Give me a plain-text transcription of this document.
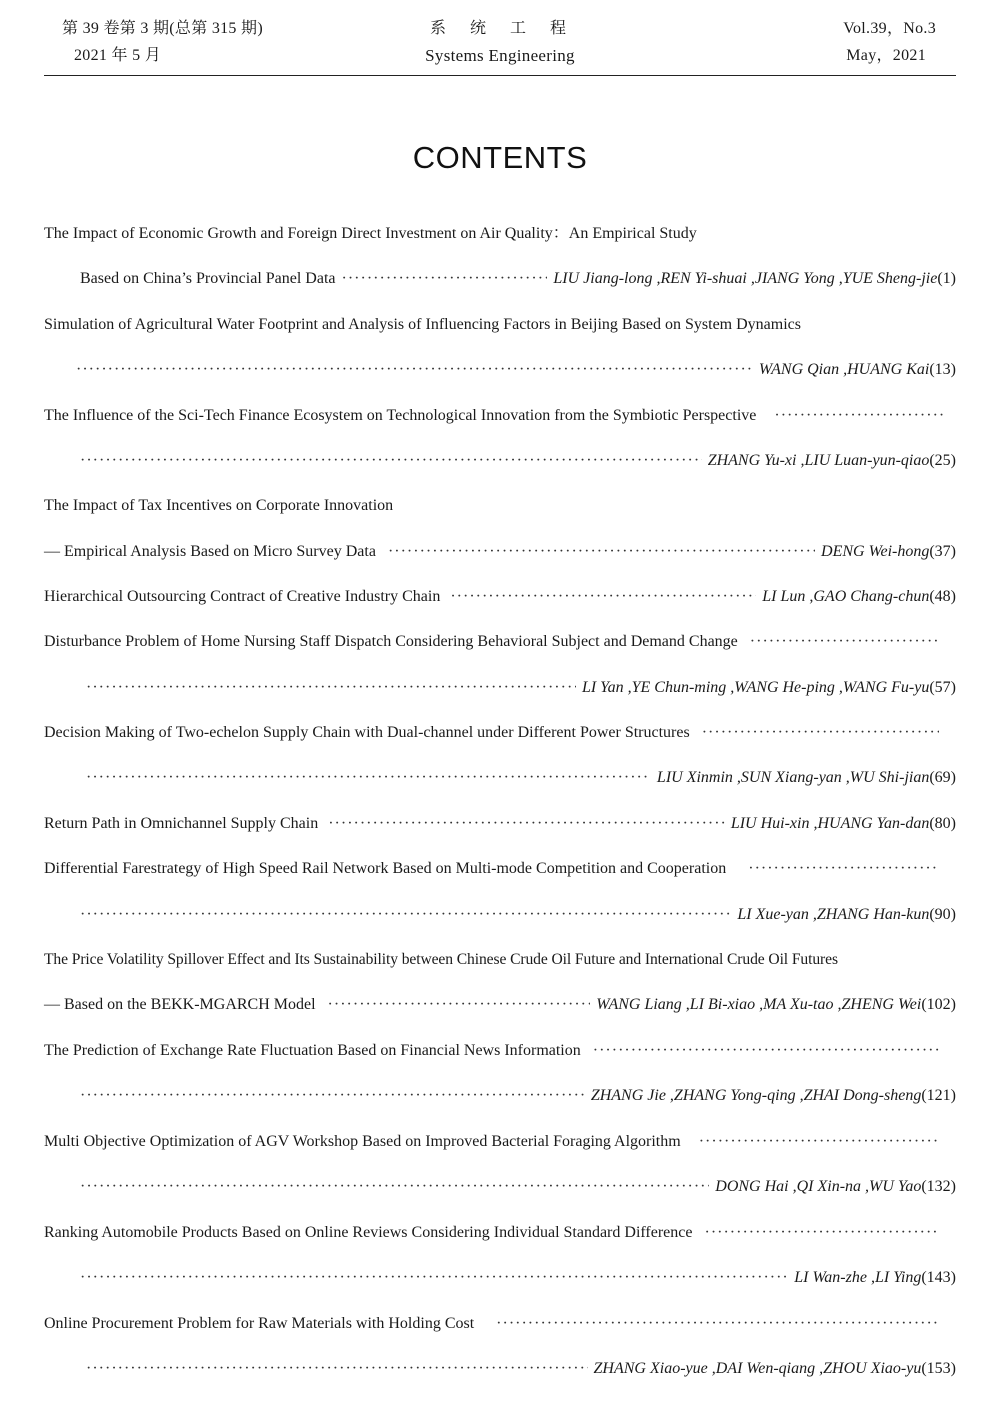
第 39 卷第 3 期(总第 315 期)
2021 年 5 月
系　统　工　程
Systems Engineering
Vol.39，No.3
May，2021
CONTENTS
The Impact of Economic Growth and Foreign Direct Investment on Air Quality：An Empirical Study
Based on China’s Provincial Panel Data ·····	LIU Jiang-long ,REN Yi-shuai ,JIANG Yong ,YUE Sheng-jie (1)
Simulation of Agricultural Water Footprint and Analysis of Influencing Factors in Beijing Based on System Dynamics
·····
WANG Qian ,HUANG Kai (13)
The Influence of the Sci-Tech Finance Ecosystem on Technological Innovation from the Symbiotic Perspective
·····
·····
ZHANG Yu-xi ,LIU Luan-yun-qiao (25)
The Impact of Tax Incentives on Corporate Innovation
— Empirical Analysis Based on Micro Survey Data ·····	DENG Wei-hong (37)
Hierarchical Outsourcing Contract of Creative Industry Chain ·····	LI Lun ,GAO Chang-chun (48)
Disturbance Problem of Home Nursing Staff Dispatch Considering Behavioral Subject and Demand Change
·····
·····
LI Yan ,YE Chun-ming ,WANG He-ping ,WANG Fu-yu (57)
Decision Making of Two-echelon Supply Chain with Dual-channel under Different Power Structures
·····
·····
LIU Xinmin ,SUN Xiang-yan ,WU Shi-jian (69)
Return Path in Omnichannel Supply Chain ·····	LIU Hui-xin ,HUANG Yan-dan (80)
Differential Farestrategy of High Speed Rail Network Based on Multi-mode Competition and Cooperation
·····
·····
LI Xue-yan ,ZHANG Han-kun (90)
The Price Volatility Spillover Effect and Its Sustainability between Chinese Crude Oil Future and International Crude Oil Futures
— Based on the BEKK-MGARCH Model ·····	WANG Liang ,LI Bi-xiao ,MA Xu-tao ,ZHENG Wei (102)
The Prediction of Exchange Rate Fluctuation Based on Financial News Information
·····
·····
ZHANG Jie ,ZHANG Yong-qing ,ZHAI Dong-sheng (121)
Multi Objective Optimization of AGV Workshop Based on Improved Bacterial Foraging Algorithm
·····
·····
DONG Hai ,QI Xin-na ,WU Yao (132)
Ranking Automobile Products Based on Online Reviews Considering Individual Standard Difference
·····
·····
LI Wan-zhe ,LI Ying (143)
Online Procurement Problem for Raw Materials with Holding Cost
·····
·····
ZHANG Xiao-yue ,DAI Wen-qiang ,ZHOU Xiao-yu (153)
